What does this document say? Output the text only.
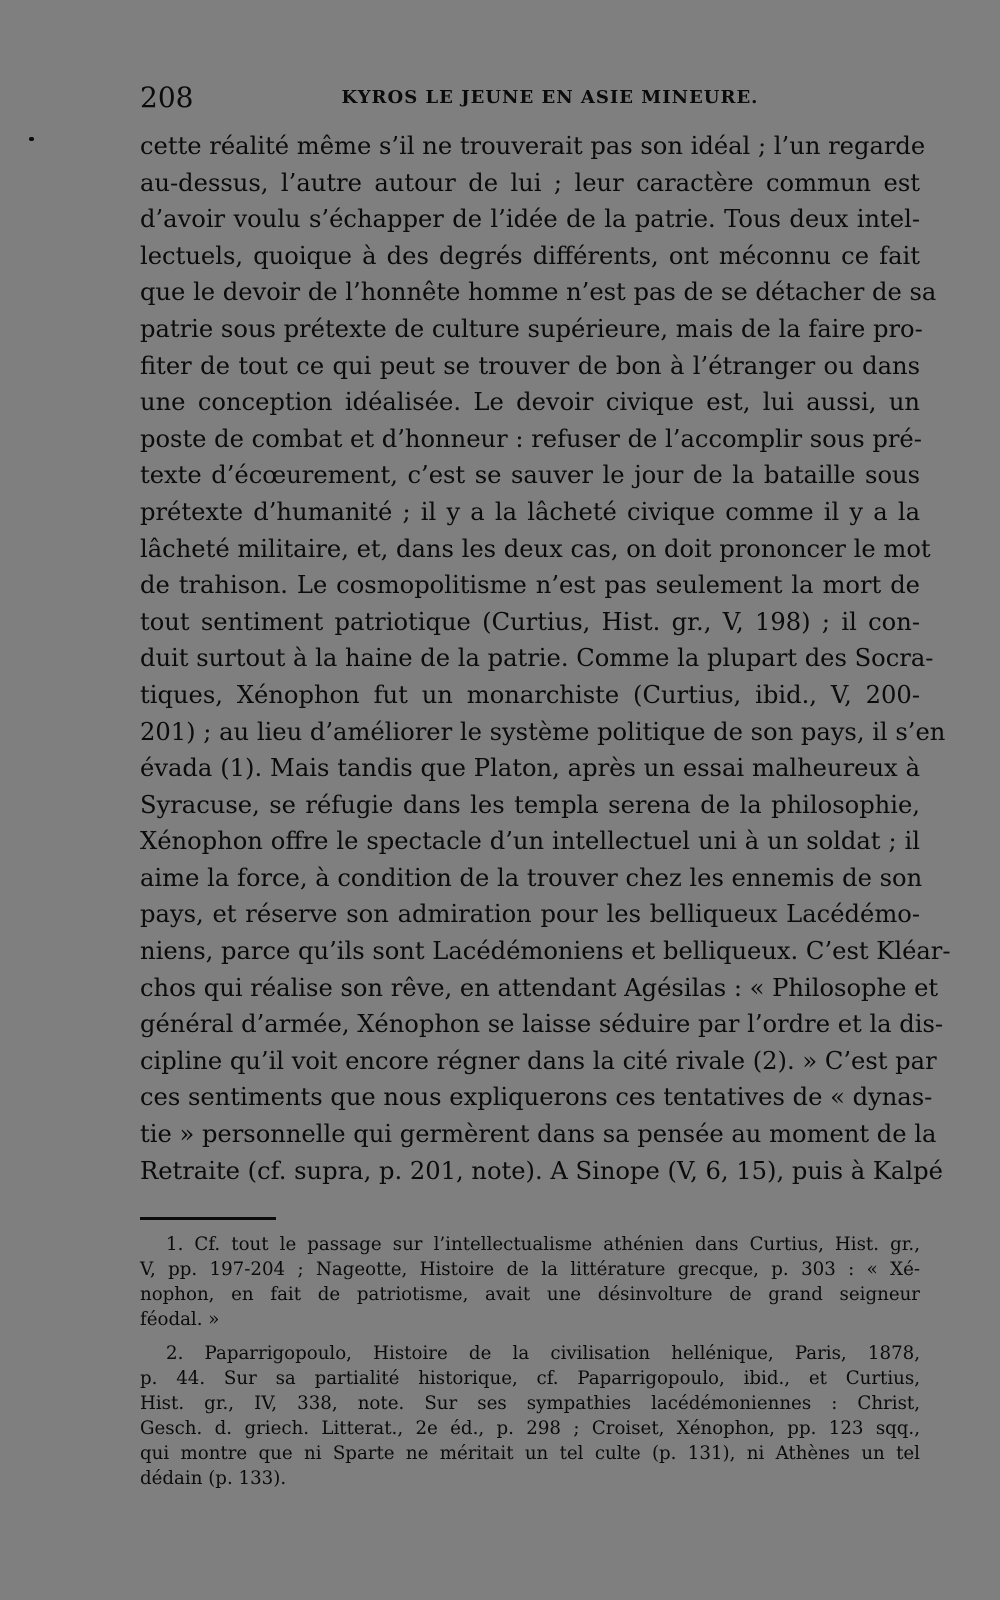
208	KYROS LE JEUNE EN ASIE MINEURE.
cette réalité même s’il ne trouverait pas son idéal ; l’un regarde
au-dessus, l’autre autour de lui ; leur caractère commun est
d’avoir voulu s’échapper de l’idée de la patrie. Tous deux intel-
lectuels, quoique à des degrés différents, ont méconnu ce fait
que le devoir de l’honnête homme n’est pas de se détacher de sa
patrie sous prétexte de culture supérieure, mais de la faire pro-
fiter de tout ce qui peut se trouver de bon à l’étranger ou dans
une conception idéalisée. Le devoir civique est, lui aussi, un
poste de combat et d’honneur : refuser de l’accomplir sous pré-
texte d’écœurement, c’est se sauver le jour de la bataille sous
prétexte d’humanité ; il y a la lâcheté civique comme il y a la
lâcheté militaire, et, dans les deux cas, on doit prononcer le mot
de trahison. Le cosmopolitisme n’est pas seulement la mort de
tout sentiment patriotique (Curtius, Hist. gr., V, 198) ; il con-
duit surtout à la haine de la patrie. Comme la plupart des Socra-
tiques, Xénophon fut un monarchiste (Curtius, ibid., V, 200-
201) ; au lieu d’améliorer le système politique de son pays, il s’en
évada (1). Mais tandis que Platon, après un essai malheureux à
Syracuse, se réfugie dans les templa serena de la philosophie,
Xénophon offre le spectacle d’un intellectuel uni à un soldat ; il
aime la force, à condition de la trouver chez les ennemis de son
pays, et réserve son admiration pour les belliqueux Lacédémo-
niens, parce qu’ils sont Lacédémoniens et belliqueux. C’est Kléar-
chos qui réalise son rêve, en attendant Agésilas : « Philosophe et
général d’armée, Xénophon se laisse séduire par l’ordre et la dis-
cipline qu’il voit encore régner dans la cité rivale (2). » C’est par
ces sentiments que nous expliquerons ces tentatives de « dynas-
tie » personnelle qui germèrent dans sa pensée au moment de la
Retraite (cf. supra, p. 201, note). A Sinope (V, 6, 15), puis à Kalpé
1. Cf. tout le passage sur l’intellectualisme athénien dans Curtius, Hist. gr.,
V, pp. 197-204 ; Nageotte, Histoire de la littérature grecque, p. 303 : « Xé-
nophon, en fait de patriotisme, avait une désinvolture de grand seigneur
féodal. »
2. Paparrigopoulo, Histoire de la civilisation hellénique, Paris, 1878,
p. 44. Sur sa partialité historique, cf. Paparrigopoulo, ibid., et Curtius,
Hist. gr., IV, 338, note. Sur ses sympathies lacédémoniennes : Christ,
Gesch. d. griech. Litterat., 2e éd., p. 298 ; Croiset, Xénophon, pp. 123 sqq.,
qui montre que ni Sparte ne méritait un tel culte (p. 131), ni Athènes un tel
dédain (p. 133).
